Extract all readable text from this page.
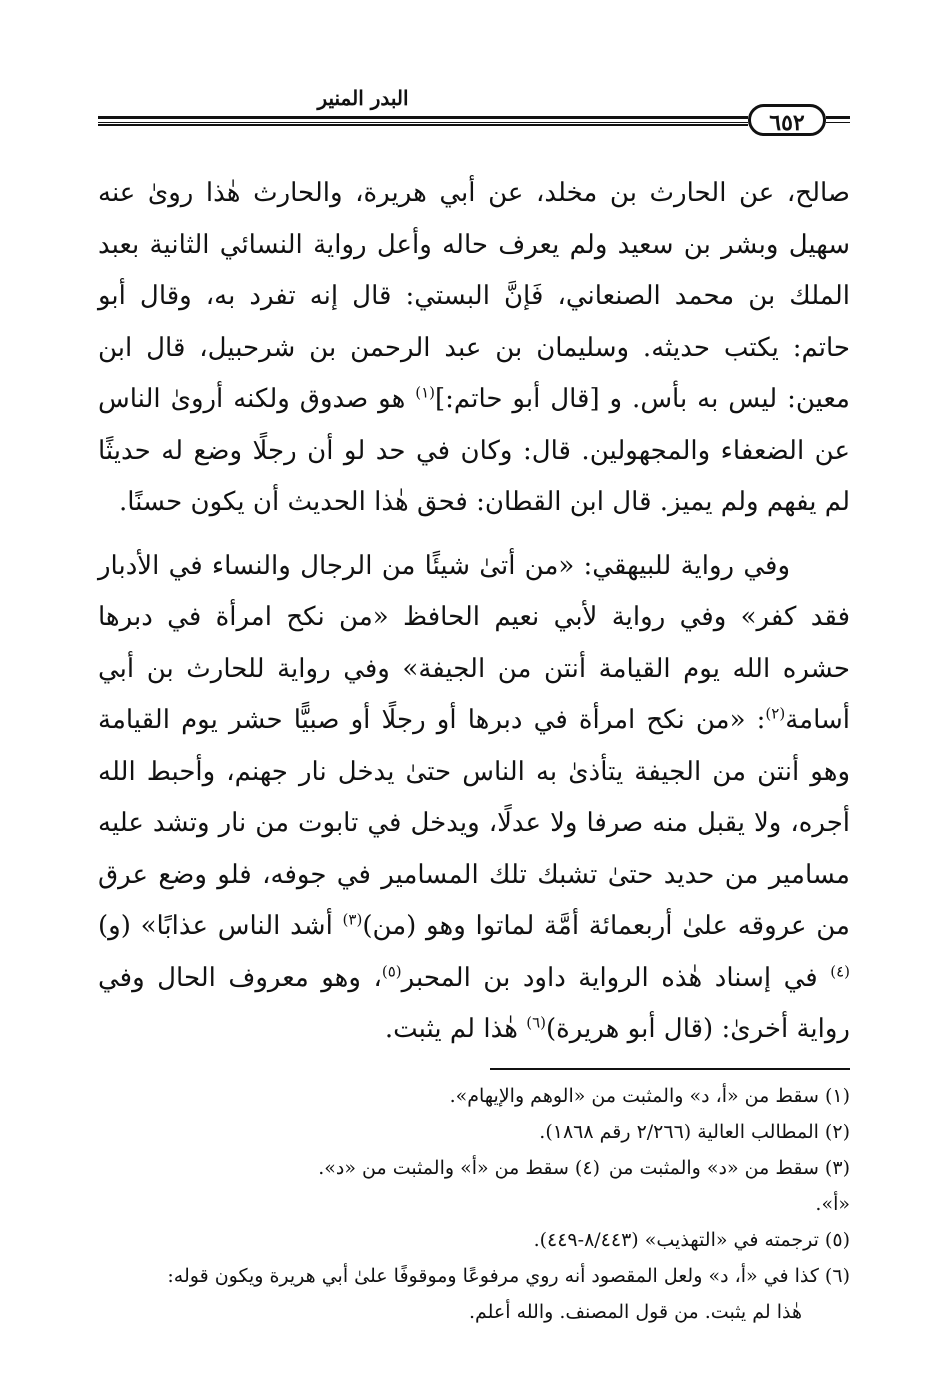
البدر المنير
٦٥٢

صالح، عن الحارث بن مخلد، عن أبي هريرة، والحارث هٰذا روىٰ عنه سهيل وبشر بن سعيد ولم يعرف حاله وأعل رواية النسائي الثانية بعبد الملك بن محمد الصنعاني، فَإنَّ البستي: قال إنه تفرد به، وقال أبو حاتم: يكتب حديثه. وسليمان بن عبد الرحمن بن شرحبيل، قال ابن معين: ليس به بأس. و [قال أبو حاتم:]$^{(١)}$ هو صدوق ولكنه أروىٰ الناس عن الضعفاء والمجهولين. قال: وكان في حد لو أن رجلًا وضع له حديثًا لم يفهم ولم يميز. قال ابن القطان: فحق هٰذا الحديث أن يكون حسنًا.

وفي رواية للبيهقي: «من أتىٰ شيئًا من الرجال والنساء في الأدبار فقد كفر» وفي رواية لأبي نعيم الحافظ «من نكح امرأة في دبرها حشره الله يوم القيامة أنتن من الجيفة» وفي رواية للحارث بن أبي أسامة$^{(٢)}$: «من نكح امرأة في دبرها أو رجلًا أو صبيًّا حشر يوم القيامة وهو أنتن من الجيفة يتأذىٰ به الناس حتىٰ يدخل نار جهنم، وأحبط الله أجره، ولا يقبل منه صرفا ولا عدلًا، ويدخل في تابوت من نار وتشد عليه مسامير من حديد حتىٰ تشبك تلك المسامير في جوفه، فلو وضع عرق من عروقه علىٰ أربعمائة أمَّة لماتوا وهو (من)$^{(٣)}$ أشد الناس عذابًا» (و)$^{(٤)}$ في إسناد هٰذه الرواية داود بن المحبر$^{(٥)}$، وهو معروف الحال وفي رواية أخرىٰ: (قال أبو هريرة)$^{(٦)}$ هٰذا لم يثبت.

(١) سقط من «أ، د» والمثبت من «الوهم والإيهام».

(٢) المطالب العالية (٢/٢٦٦ رقم ١٨٦٨).

(٣) سقط من «د» والمثبت من «أ».
(٤) سقط من «أ» والمثبت من «د».

(٥) ترجمته في «التهذيب» (٨/٤٤٣-٤٤٩).

(٦) كذا في «أ، د» ولعل المقصود أنه روي مرفوعًا وموقوفًا علىٰ أبي هريرة ويكون قوله:

هٰذا لم يثبت. من قول المصنف. والله أعلم.
